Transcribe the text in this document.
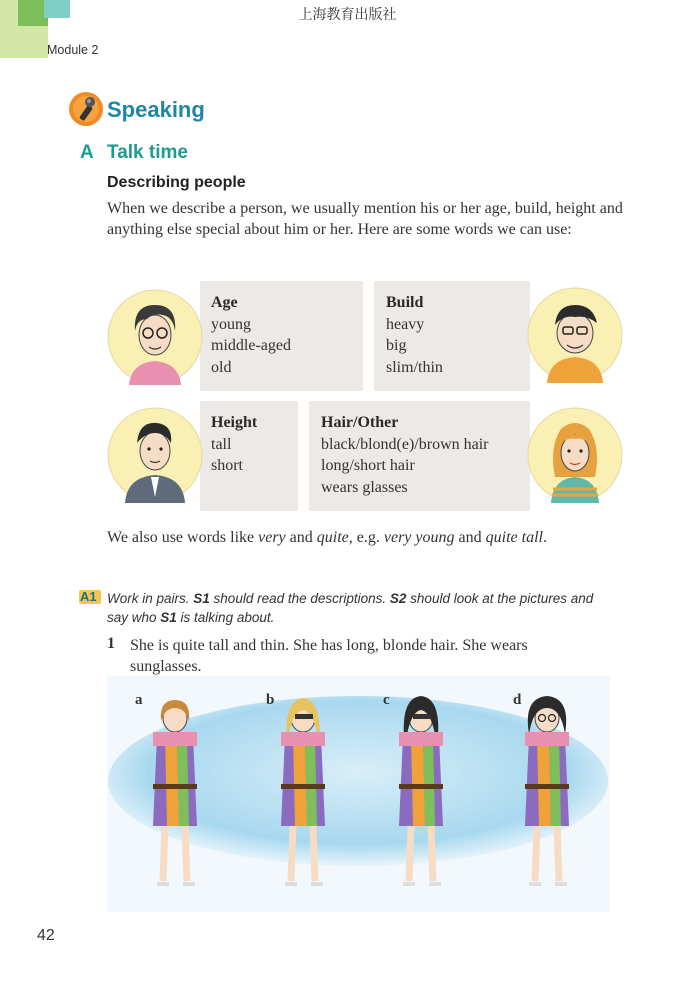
上海教育出版社
Module 2
Speaking
A Talk time
Describing people
When we describe a person, we usually mention his or her age, build, height and anything else special about him or her. Here are some words we can use:
Age
young
middle-aged
old
Build
heavy
big
slim/thin
Height
tall
short
Hair/Other
black/blond(e)/brown hair
long/short hair
wears glasses
We also use words like very and quite, e.g. very young and quite tall.
A1 Work in pairs. S1 should read the descriptions. S2 should look at the pictures and say who S1 is talking about.
1 She is quite tall and thin. She has long, blonde hair. She wears sunglasses.
a	b	c	d
42
